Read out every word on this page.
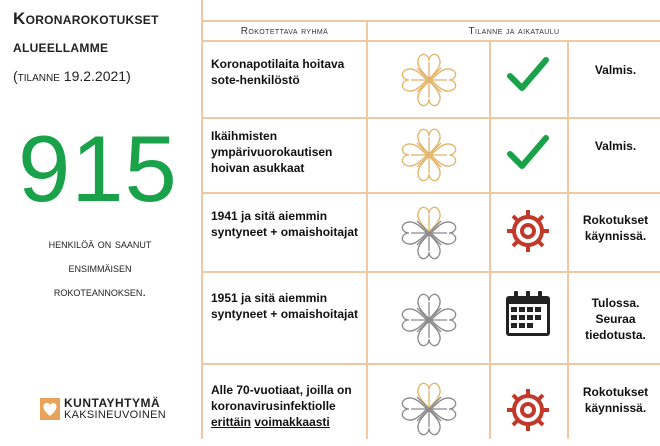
Koronarokotukset
alueellamme
(tilanne 19.2.2021)
915
henkilöä on saanut
ensimmäisen
rokoteannoksen.
KUNTAYHTYMÄ
KAKSINEUVOINEN
Rokotettava ryhmä	Tilanne ja aikataulu
Koronapotilaita hoitava
sote-henkilöstö
Valmis.
Ikäihmisten
ympärivuorokautisen
hoivan asukkaat
Valmis.
1941 ja sitä aiemmin
syntyneet + omaishoitajat
Rokotukset
käynnissä.
1951 ja sitä aiemmin
syntyneet + omaishoitajat
Tulossa.
Seuraa
tiedotusta.
Alle 70-vuotiaat, joilla on
koronavirusinfektiolle
erittäin voimakkaasti
Rokotukset
käynnissä.
